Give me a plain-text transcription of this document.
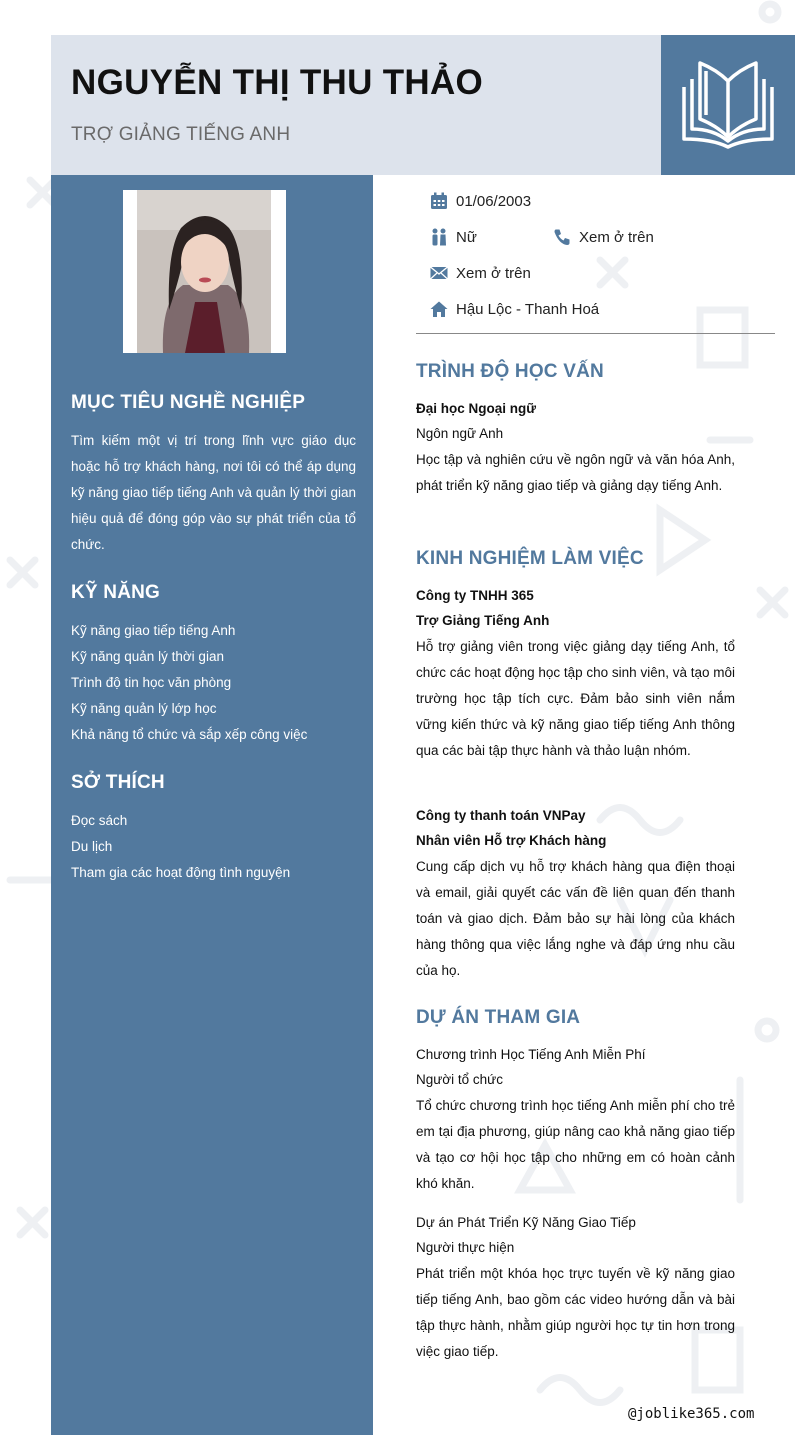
NGUYỄN THỊ THU THẢO
TRỢ GIẢNG TIẾNG ANH
MỤC TIÊU NGHỀ NGHIỆP
Tìm kiếm một vị trí trong lĩnh vực giáo dục hoặc hỗ trợ khách hàng, nơi tôi có thể áp dụng kỹ năng giao tiếp tiếng Anh và quản lý thời gian hiệu quả để đóng góp vào sự phát triển của tổ chức.
KỸ NĂNG
Kỹ năng giao tiếp tiếng Anh
Kỹ năng quản lý thời gian
Trình độ tin học văn phòng
Kỹ năng quản lý lớp học
Khả năng tổ chức và sắp xếp công việc
SỞ THÍCH
Đọc sách
Du lịch
Tham gia các hoạt động tình nguyện
01/06/2003
Nữ	Xem ở trên
Xem ở trên
Hậu Lộc - Thanh Hoá
TRÌNH ĐỘ HỌC VẤN
Đại học Ngoại ngữ
Ngôn ngữ Anh
Học tập và nghiên cứu về ngôn ngữ và văn hóa Anh, phát triển kỹ năng giao tiếp và giảng dạy tiếng Anh.
KINH NGHIỆM LÀM VIỆC
Công ty TNHH 365
Trợ Giảng Tiếng Anh
Hỗ trợ giảng viên trong việc giảng dạy tiếng Anh, tổ chức các hoạt động học tập cho sinh viên, và tạo môi trường học tập tích cực. Đảm bảo sinh viên nắm vững kiến thức và kỹ năng giao tiếp tiếng Anh thông qua các bài tập thực hành và thảo luận nhóm.
Công ty thanh toán VNPay
Nhân viên Hỗ trợ Khách hàng
Cung cấp dịch vụ hỗ trợ khách hàng qua điện thoại và email, giải quyết các vấn đề liên quan đến thanh toán và giao dịch. Đảm bảo sự hài lòng của khách hàng thông qua việc lắng nghe và đáp ứng nhu cầu của họ.
DỰ ÁN THAM GIA
Chương trình Học Tiếng Anh Miễn Phí
Người tổ chức
Tổ chức chương trình học tiếng Anh miễn phí cho trẻ em tại địa phương, giúp nâng cao khả năng giao tiếp và tạo cơ hội học tập cho những em có hoàn cảnh khó khăn.
Dự án Phát Triển Kỹ Năng Giao Tiếp
Người thực hiện
Phát triển một khóa học trực tuyến về kỹ năng giao tiếp tiếng Anh, bao gồm các video hướng dẫn và bài tập thực hành, nhằm giúp người học tự tin hơn trong việc giao tiếp.
@joblike365.com
